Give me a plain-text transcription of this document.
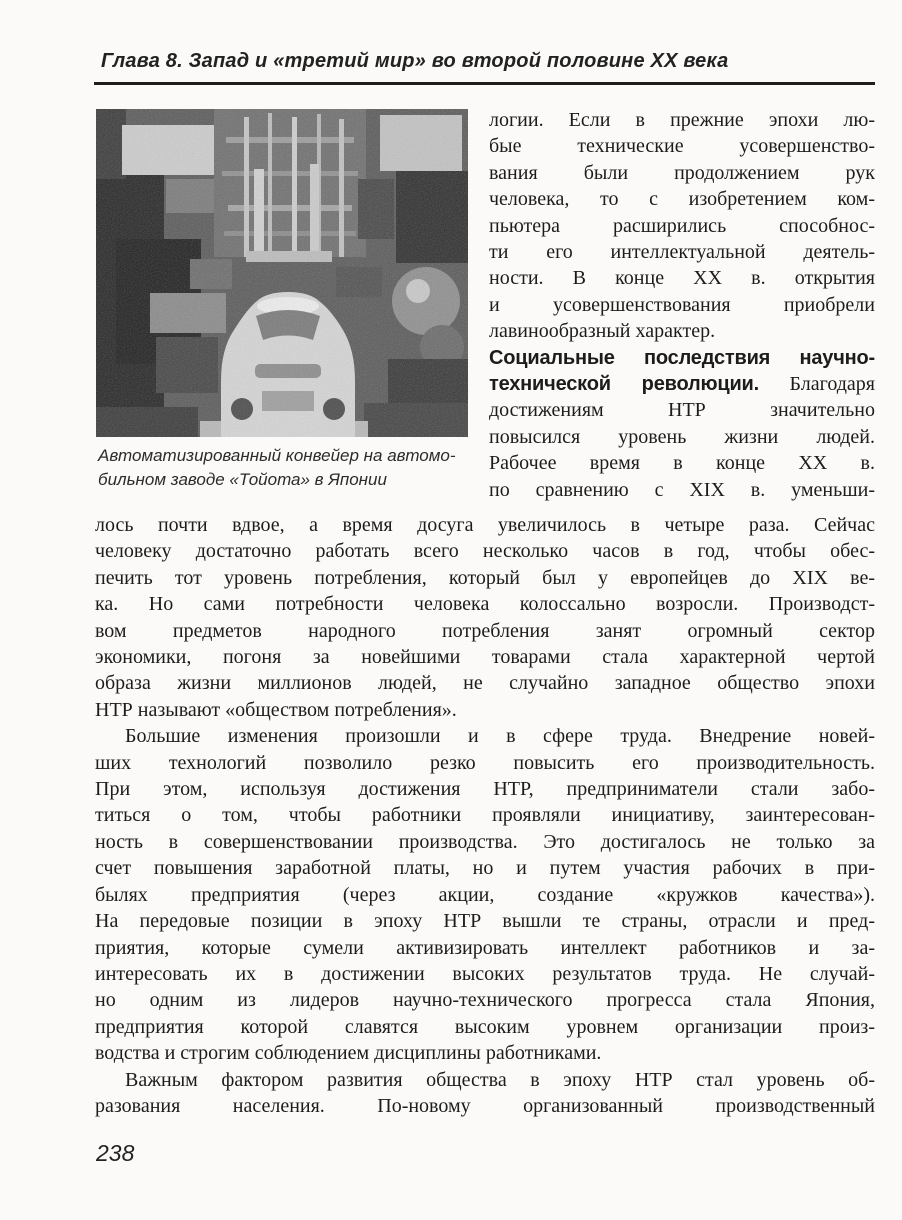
Глава 8. Запад и «третий мир» во второй половине XX века
Автоматизированный конвейер на автомо-
бильном заводе «Тойота» в Японии
логии. Если в прежние эпохи лю-
бые технические усовершенство-
вания были продолжением рук
человека, то с изобретением ком-
пьютера расширились способнос-
ти его интеллектуальной деятель-
ности. В конце XX в. открытия
и усовершенствования приобрели
лавинообразный характер.
Социальные последствия научно-
технической революции. Благодаря
достижениям НТР значительно
повысился уровень жизни людей.
Рабочее время в конце XX в.
по сравнению с XIX в. уменьши-
лось почти вдвое, а время досуга увеличилось в четыре раза. Сейчас
человеку достаточно работать всего несколько часов в год, чтобы обес-
печить тот уровень потребления, который был у европейцев до XIX ве-
ка. Но сами потребности человека колоссально возросли. Производст-
вом предметов народного потребления занят огромный сектор
экономики, погоня за новейшими товарами стала характерной чертой
образа жизни миллионов людей, не случайно западное общество эпохи
НТР называют «обществом потребления».
Большие изменения произошли и в сфере труда. Внедрение новей-
ших технологий позволило резко повысить его производительность.
При этом, используя достижения НТР, предприниматели стали забо-
титься о том, чтобы работники проявляли инициативу, заинтересован-
ность в совершенствовании производства. Это достигалось не только за
счет повышения заработной платы, но и путем участия рабочих в при-
былях предприятия (через акции, создание «кружков качества»).
На передовые позиции в эпоху НТР вышли те страны, отрасли и пред-
приятия, которые сумели активизировать интеллект работников и за-
интересовать их в достижении высоких результатов труда. Не случай-
но одним из лидеров научно-технического прогресса стала Япония,
предприятия которой славятся высоким уровнем организации произ-
водства и строгим соблюдением дисциплины работниками.
Важным фактором развития общества в эпоху НТР стал уровень об-
разования населения. По-новому организованный производственный
238
